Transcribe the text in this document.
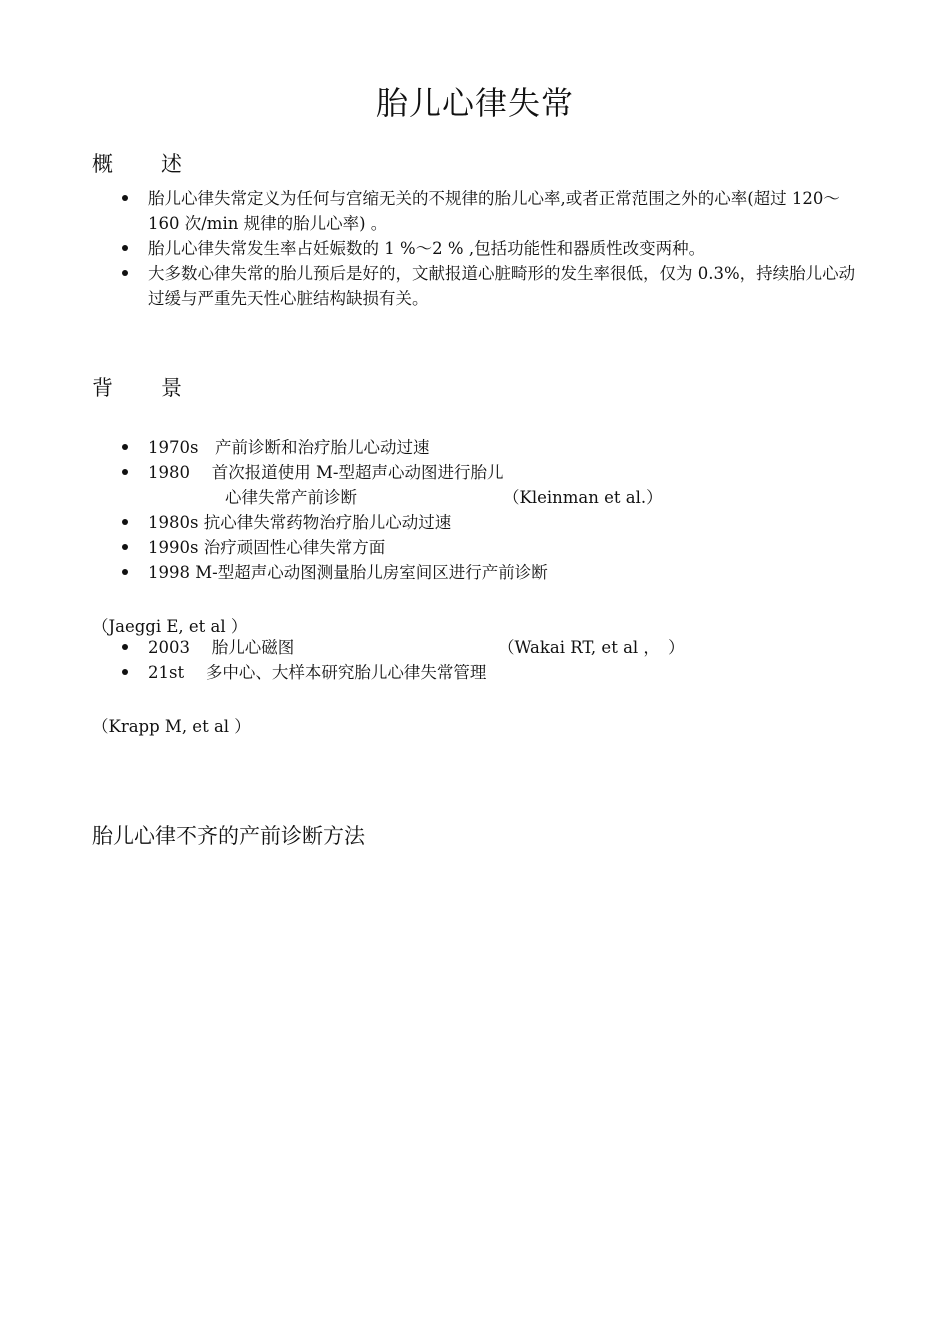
胎儿心律失常
概 述
胎儿心律失常定义为任何与宫缩无关的不规律的胎儿心率,或者正常范围之外的心率(超过 120～160 次/min 规律的胎儿心率) 。
胎儿心律失常发生率占妊娠数的 1 %～2 % ,包括功能性和器质性改变两种。
大多数心律失常的胎儿预后是好的，文献报道心脏畸形的发生率很低，仅为 0.3%，持续胎儿心动过缓与严重先天性心脏结构缺损有关。
背 景
1970s　产前诊断和治疗胎儿心动过速
1980　 首次报道使用 M-型超声心动图进行胎儿
心律失常产前诊断	（Kleinman et al.）
1980s 抗心律失常药物治疗胎儿心动过速
1990s 治疗顽固性心律失常方面
1998 M-型超声心动图测量胎儿房室间区进行产前诊断
（Jaeggi E, et al ）
2003　 胎儿心磁图	（Wakai RT, et al ，　）
21st　 多中心、大样本研究胎儿心律失常管理
（Krapp M, et al ）
胎儿心律不齐的产前诊断方法
